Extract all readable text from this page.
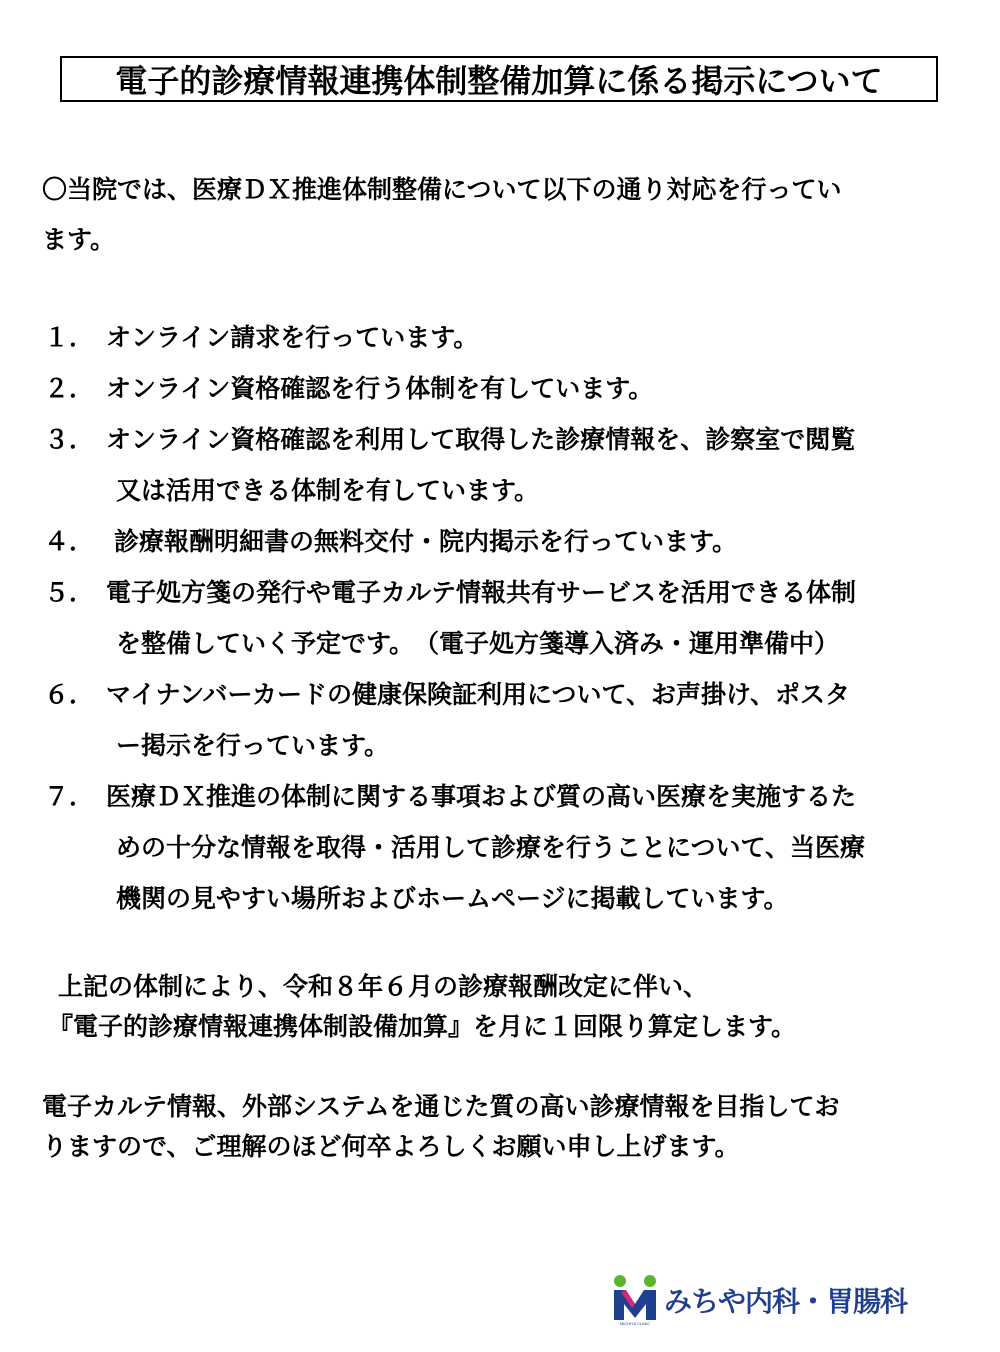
電子的診療情報連携体制整備加算に係る掲示について
〇当院では、医療ＤＸ推進体制整備について以下の通り対応を行ってい
ます。
１． オンライン請求を行っています。
２． オンライン資格確認を行う体制を有しています。
３． オンライン資格確認を利用して取得した診療情報を、診察室で閲覧
又は活用できる体制を有しています。
４． 診療報酬明細書の無料交付・院内掲示を行っています。
５． 電子処方箋の発行や電子カルテ情報共有サービスを活用できる体制
を整備していく予定です。　（電子処方箋導入済み・運用準備中）
６． マイナンバーカードの健康保険証利用について、お声掛け、ポスタ
ー掲示を行っています。
７． 医療ＤＸ推進の体制に関する事項および質の高い医療を実施するた
めの十分な情報を取得・活用して診療を行うことについて、当医療
機関の見やすい場所およびホームページに掲載しています。
上記の体制により、令和８年６月の診療報酬改定に伴い、
『電子的診療情報連携体制設備加算』を月に１回限り算定します。
電子カルテ情報、外部システムを通じた質の高い診療情報を目指してお
りますので、ご理解のほど何卒よろしくお願い申し上げます。
MICHIYA CLINIC
みちや内科・胃腸科
